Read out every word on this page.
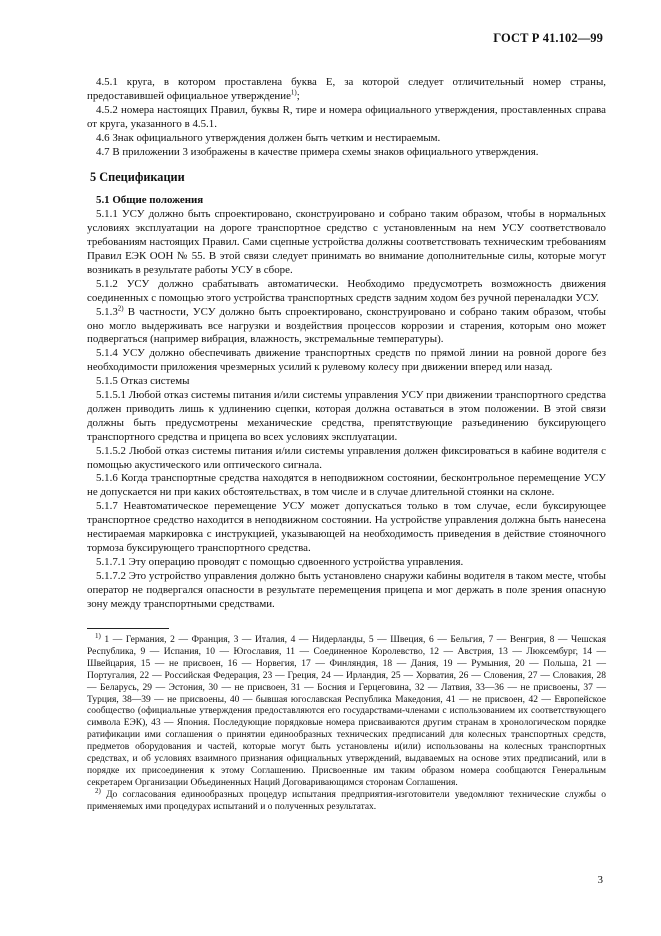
ГОСТ Р 41.102—99

4.5.1 круга, в котором проставлена буква E, за которой следует отличительный номер страны, предоставившей официальное утверждение$^{1)}$;

4.5.2 номера настоящих Правил, буквы R, тире и номера официального утверждения, проставленных справа от круга, указанного в 4.5.1.

4.6 Знак официального утверждения должен быть четким и нестираемым.

4.7 В приложении 3 изображены в качестве примера схемы знаков официального утверждения.

5 Спецификации

5.1 Общие положения

5.1.1 УСУ должно быть спроектировано, сконструировано и собрано таким образом, чтобы в нормальных условиях эксплуатации на дороге транспортное средство с установленным на нем УСУ соответствовало требованиям настоящих Правил. Сами сцепные устройства должны соответствовать техническим требованиям Правил ЕЭК ООН № 55. В этой связи следует принимать во внимание дополнительные силы, которые могут возникать в результате работы УСУ в сборе.

5.1.2 УСУ должно срабатывать автоматически. Необходимо предусмотреть возможность движения соединенных с помощью этого устройства транспортных средств задним ходом без ручной переналадки УСУ.

5.1.3$^{2)}$ В частности, УСУ должно быть спроектировано, сконструировано и собрано таким образом, чтобы оно могло выдерживать все нагрузки и воздействия процессов коррозии и старения, которым оно может подвергаться (например вибрация, влажность, экстремальные температуры).

5.1.4 УСУ должно обеспечивать движение транспортных средств по прямой линии на ровной дороге без необходимости приложения чрезмерных усилий к рулевому колесу при движении вперед или назад.

5.1.5 Отказ системы

5.1.5.1 Любой отказ системы питания и/или системы управления УСУ при движении транспортного средства должен приводить лишь к удлинению сцепки, которая должна оставаться в этом положении. В этой связи должны быть предусмотрены механические средства, препятствующие разъединению буксирующего транспортного средства и прицепа во всех условиях эксплуатации.

5.1.5.2 Любой отказ системы питания и/или системы управления должен фиксироваться в кабине водителя с помощью акустического или оптического сигнала.

5.1.6 Когда транспортные средства находятся в неподвижном состоянии, бесконтрольное перемещение УСУ не допускается ни при каких обстоятельствах, в том числе и в случае длительной стоянки на склоне.

5.1.7 Неавтоматическое перемещение УСУ может допускаться только в том случае, если буксирующее транспортное средство находится в неподвижном состоянии. На устройстве управления должна быть нанесена нестираемая маркировка с инструкцией, указывающей на необходимость приведения в действие стояночного тормоза буксирующего транспортного средства.

5.1.7.1 Эту операцию проводят с помощью сдвоенного устройства управления.

5.1.7.2 Это устройство управления должно быть установлено снаружи кабины водителя в таком месте, чтобы оператор не подвергался опасности в результате перемещения прицепа и мог держать в поле зрения опасную зону между транспортными средствами.

$^{1)}$ 1 — Германия, 2 — Франция, 3 — Италия, 4 — Нидерланды, 5 — Швеция, 6 — Бельгия, 7 — Венгрия, 8 — Чешская Республика, 9 — Испания, 10 — Югославия, 11 — Соединенное Королевство, 12 — Австрия, 13 — Люксембург, 14 — Швейцария, 15 — не присвоен, 16 — Норвегия, 17 — Финляндия, 18 — Дания, 19 — Румыния, 20 — Польша, 21 — Португалия, 22 — Российская Федерация, 23 — Греция, 24 — Ирландия, 25 — Хорватия, 26 — Словения, 27 — Словакия, 28 — Беларусь, 29 — Эстония, 30 — не присвоен, 31 — Босния и Герцеговина, 32 — Латвия, 33—36 — не присвоены, 37 — Турция, 38—39 — не присвоены, 40 — бывшая югославская Республика Македония, 41 — не присвоен, 42 — Европейское сообщество (официальные утверждения предоставляются его государствами-членами с использованием их соответствующего символа ЕЭК), 43 — Япония. Последующие порядковые номера присваиваются другим странам в хронологическом порядке ратификации ими соглашения о принятии единообразных технических предписаний для колесных транспортных средств, предметов оборудования и частей, которые могут быть установлены и(или) использованы на колесных транспортных средствах, и об условиях взаимного признания официальных утверждений, выдаваемых на основе этих предписаний, или в порядке их присоединения к этому Соглашению. Присвоенные им таким образом номера сообщаются Генеральным секретарем Организации Объединенных Наций Договаривающимся сторонам Соглашения.

$^{2)}$ До согласования единообразных процедур испытания предприятия-изготовители уведомляют технические службы о применяемых ими процедурах испытаний и о полученных результатах.

3
